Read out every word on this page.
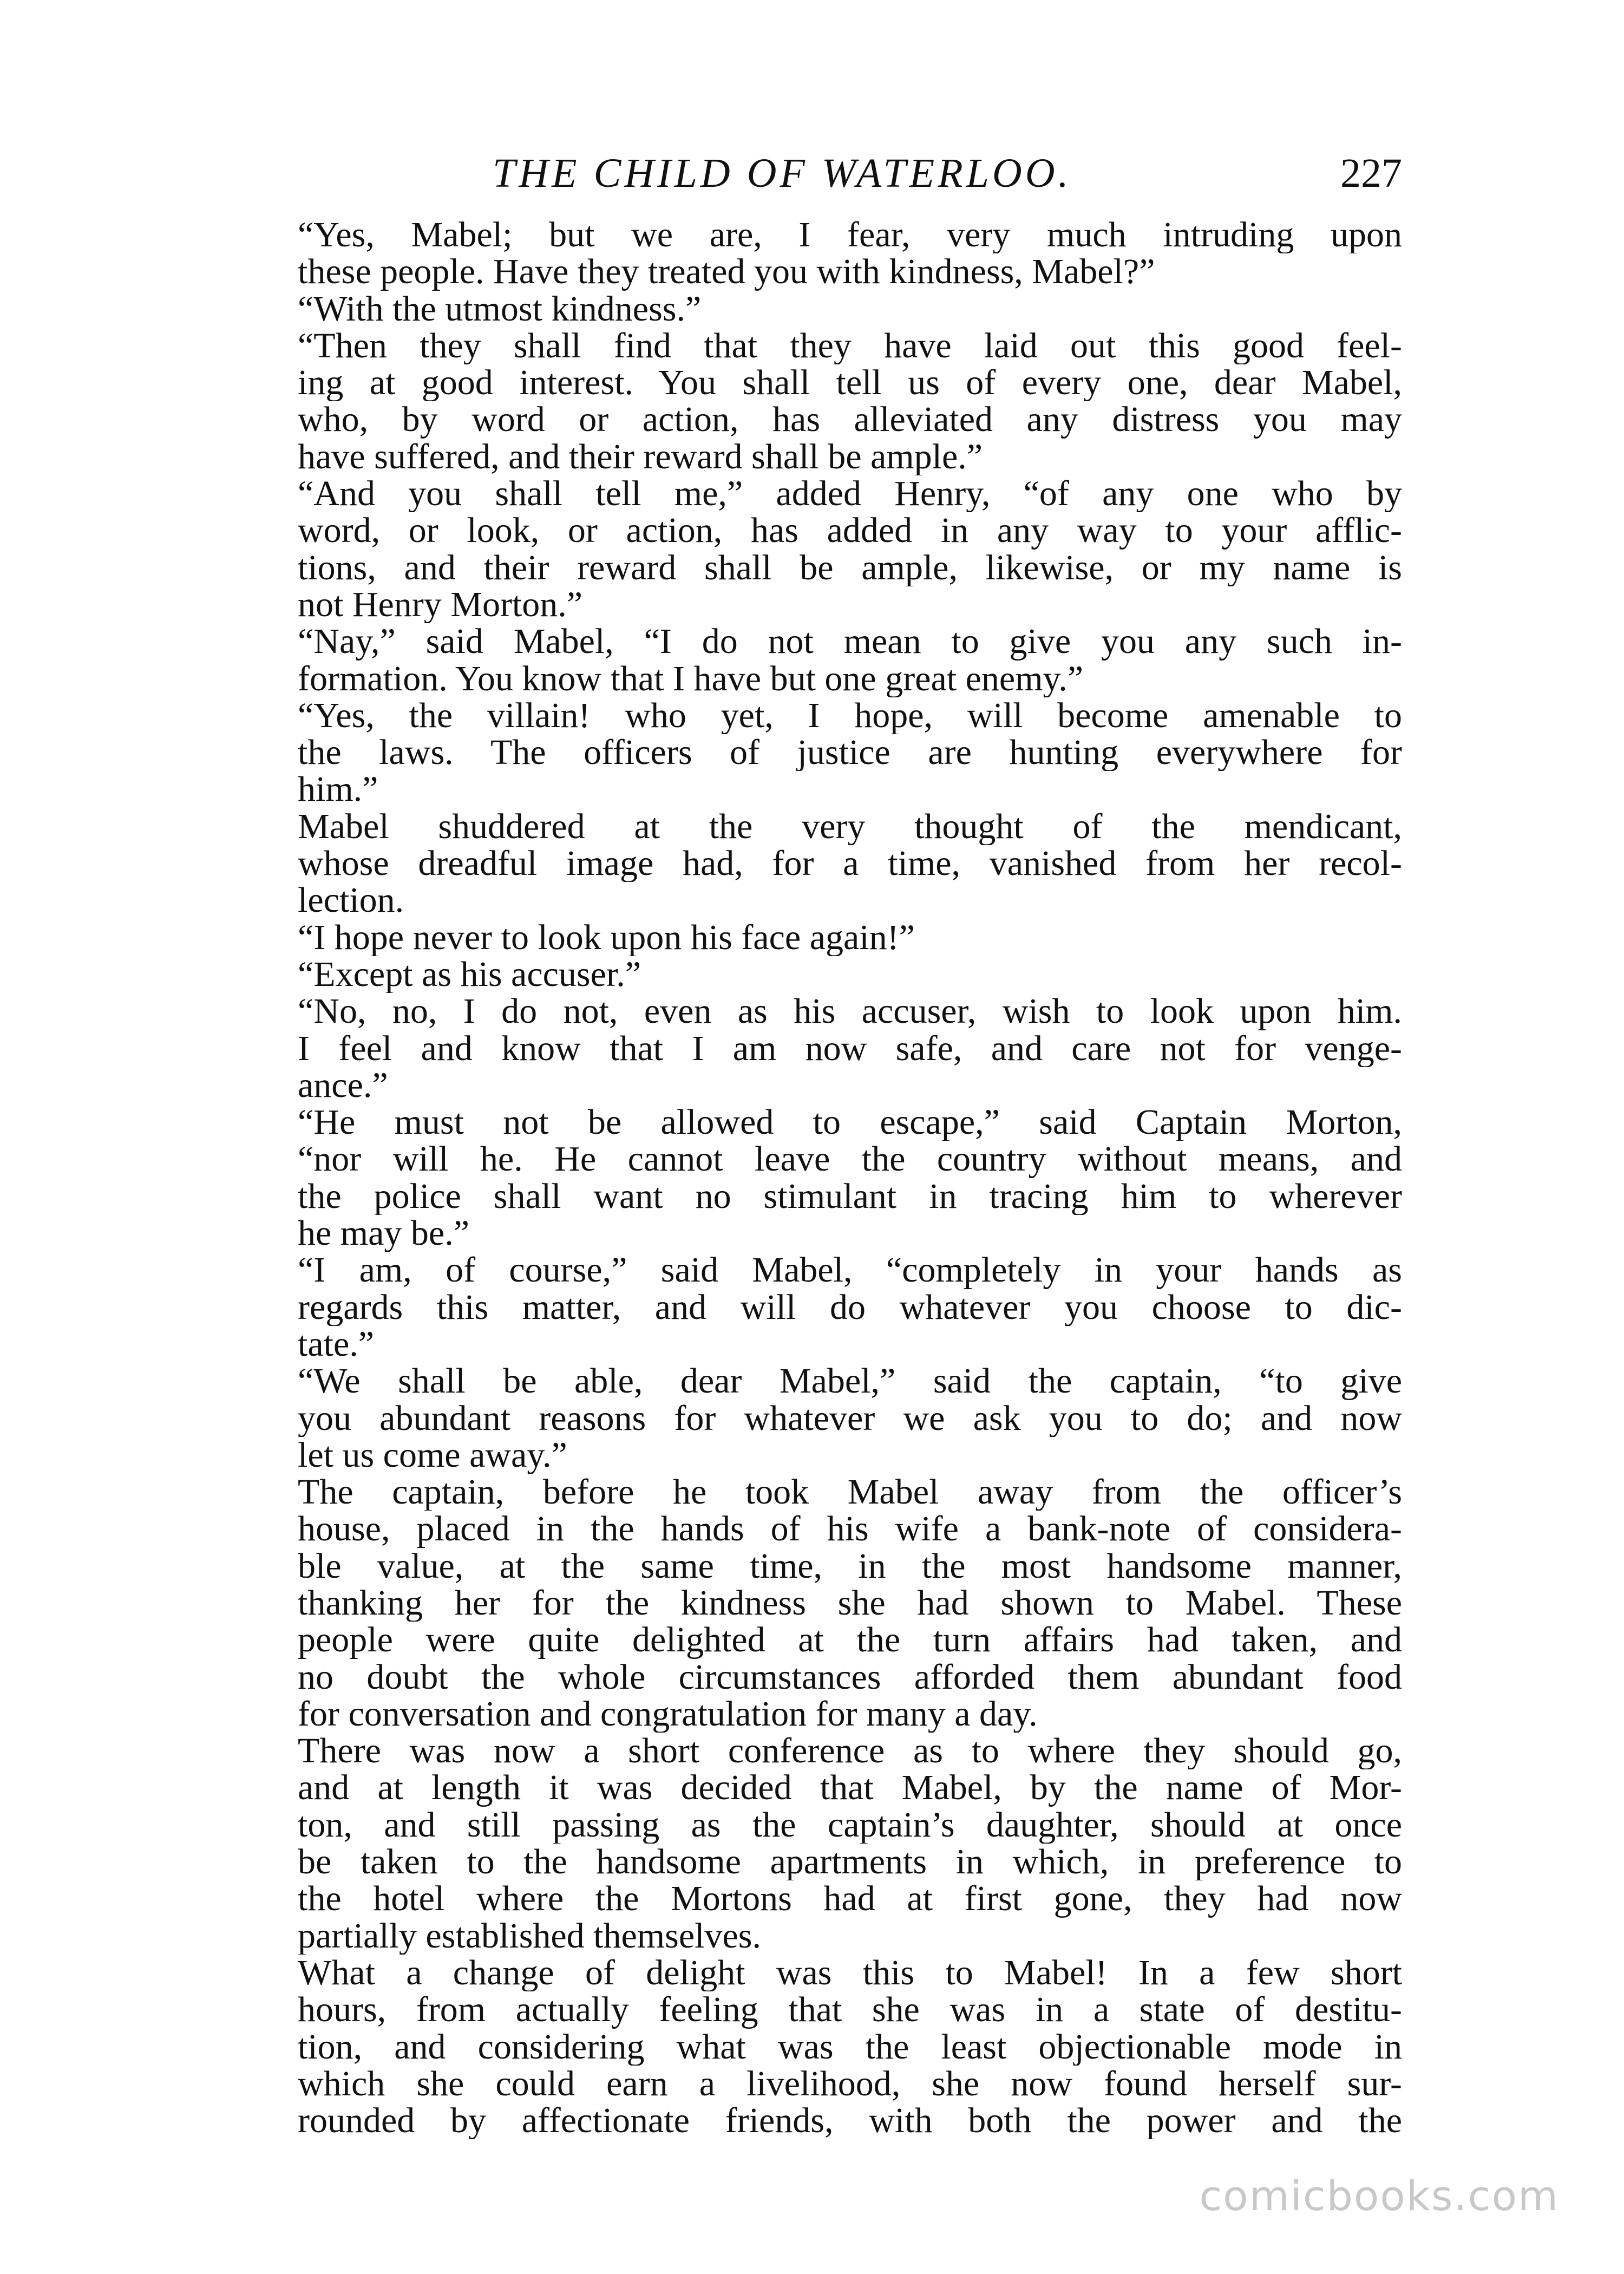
THE CHILD OF WATERLOO.	227
“Yes, Mabel; but we are, I fear, very much intruding upon
these people. Have they treated you with kindness, Mabel?”
“With the utmost kindness.”
“Then they shall find that they have laid out this good feel-
ing at good interest. You shall tell us of every one, dear Mabel,
who, by word or action, has alleviated any distress you may
have suffered, and their reward shall be ample.”
“And you shall tell me,” added Henry, “of any one who by
word, or look, or action, has added in any way to your afflic-
tions, and their reward shall be ample, likewise, or my name is
not Henry Morton.”
“Nay,” said Mabel, “I do not mean to give you any such in-
formation. You know that I have but one great enemy.”
“Yes, the villain! who yet, I hope, will become amenable to
the laws. The officers of justice are hunting everywhere for
him.”
Mabel shuddered at the very thought of the mendicant,
whose dreadful image had, for a time, vanished from her recol-
lection.
“I hope never to look upon his face again!”
“Except as his accuser.”
“No, no, I do not, even as his accuser, wish to look upon him.
I feel and know that I am now safe, and care not for venge-
ance.”
“He must not be allowed to escape,” said Captain Morton,
“nor will he. He cannot leave the country without means, and
the police shall want no stimulant in tracing him to wherever
he may be.”
“I am, of course,” said Mabel, “completely in your hands as
regards this matter, and will do whatever you choose to dic-
tate.”
“We shall be able, dear Mabel,” said the captain, “to give
you abundant reasons for whatever we ask you to do; and now
let us come away.”
The captain, before he took Mabel away from the officer’s
house, placed in the hands of his wife a bank-note of considera-
ble value, at the same time, in the most handsome manner,
thanking her for the kindness she had shown to Mabel. These
people were quite delighted at the turn affairs had taken, and
no doubt the whole circumstances afforded them abundant food
for conversation and congratulation for many a day.
There was now a short conference as to where they should go,
and at length it was decided that Mabel, by the name of Mor-
ton, and still passing as the captain’s daughter, should at once
be taken to the handsome apartments in which, in preference to
the hotel where the Mortons had at first gone, they had now
partially established themselves.
What a change of delight was this to Mabel! In a few short
hours, from actually feeling that she was in a state of destitu-
tion, and considering what was the least objectionable mode in
which she could earn a livelihood, she now found herself sur-
rounded by affectionate friends, with both the power and the
comicbooks.com
